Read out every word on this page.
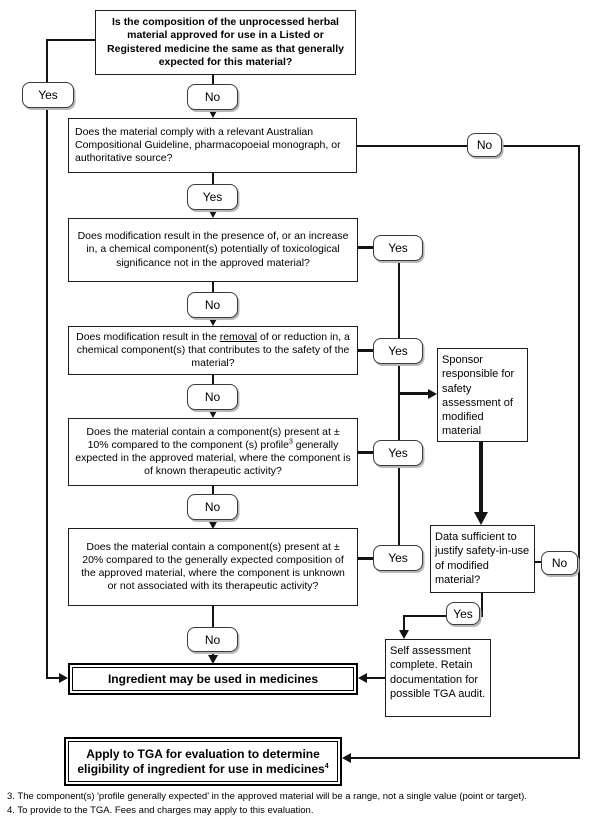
Is the composition of the unprocessed herbal material approved for use in a Listed or Registered medicine the same as that generally expected for this material?
Does the material comply with a relevant Australian Compositional Guideline, pharmacopoeial monograph, or authoritative source?
Does modification result in the presence of, or an increase in, a chemical component(s) potentially of toxicological significance not in the approved material?
Does modification result in the removal of or reduction in, a chemical component(s) that contributes to the safety of the material?
Does the material contain a component(s) present at ± 10% compared to the component (s) profile$^3$ generally expected in the approved material, where the component is of known therapeutic activity?
Does the material contain a component(s) present at ± 20% compared to the generally expected composition of the approved material, where the component is unknown or not associated with its therapeutic activity?
Sponsor responsible for safety assessment of modified material
Data sufficient to justify safety-in-use of modified material?
Self assessment complete. Retain documentation for possible TGA audit.
Ingredient may be used in medicines
Apply to TGA for evaluation to determine eligibility of ingredient for use in medicines$^4$
Yes	No
Yes
No
No
Yes
No
Yes
No
Yes
No
Yes	No
Yes
3. The component(s) 'profile generally expected' in the approved material will be a range, not a single value (point or target).
4. To provide to the TGA. Fees and charges may apply to this evaluation.
